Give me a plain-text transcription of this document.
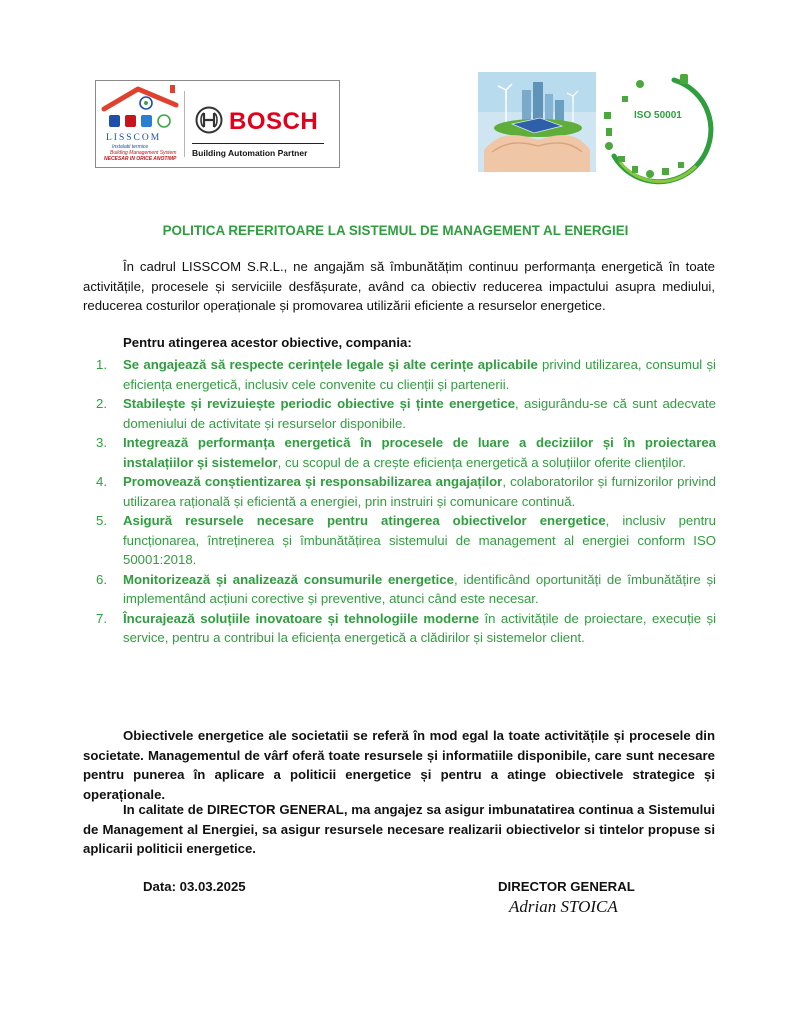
LISSCOM
Instalatii termice
Building Management System
NECESAR IN ORICE ANOTIMP
BOSCH
Building Automation Partner
ISO 50001
POLITICA REFERITOARE LA SISTEMUL DE MANAGEMENT AL ENERGIEI
În cadrul LISSCOM S.R.L., ne angajăm să îmbunătățim continuu performanța energetică în toate activitățile, procesele și serviciile desfășurate, având ca obiectiv reducerea impactului asupra mediului, reducerea costurilor operaționale și promovarea utilizării eficiente a resurselor energetice.
Pentru atingerea acestor obiective, compania:
1.	Se angajează să respecte cerințele legale și alte cerințe aplicabile privind utilizarea, consumul și eficiența energetică, inclusiv cele convenite cu clienții și partenerii.
2.	Stabilește și revizuiește periodic obiective și ținte energetice, asigurându-se că sunt adecvate domeniului de activitate și resurselor disponibile.
3.	Integrează performanța energetică în procesele de luare a deciziilor și în proiectarea instalațiilor și sistemelor, cu scopul de a crește eficiența energetică a soluțiilor oferite clienților.
4.	Promovează conștientizarea și responsabilizarea angajaților, colaboratorilor și furnizorilor privind utilizarea rațională și eficientă a energiei, prin instruiri și comunicare continuă.
5.	Asigură resursele necesare pentru atingerea obiectivelor energetice, inclusiv pentru funcționarea, întreținerea și îmbunătățirea sistemului de management al energiei conform ISO 50001:2018.
6.	Monitorizează și analizează consumurile energetice, identificând oportunități de îmbunătățire și implementând acțiuni corective și preventive, atunci când este necesar.
7.	Încurajează soluțiile inovatoare și tehnologiile moderne în activitățile de proiectare, execuție și service, pentru a contribui la eficiența energetică a clădirilor și sistemelor client.
Obiectivele energetice ale societatii se referă în mod egal la toate activitățile și procesele din societate. Managementul de vârf oferă toate resursele și informatiile disponibile, care sunt necesare pentru punerea în aplicare a politicii energetice și pentru a atinge obiectivele strategice și operaționale.
In calitate de DIRECTOR GENERAL, ma angajez sa asigur imbunatatirea continua a Sistemului de Management al Energiei, sa asigur resursele necesare realizarii obiectivelor si tintelor propuse si aplicarii politicii energetice.
Data: 03.03.2025	DIRECTOR GENERAL
Adrian STOICA
